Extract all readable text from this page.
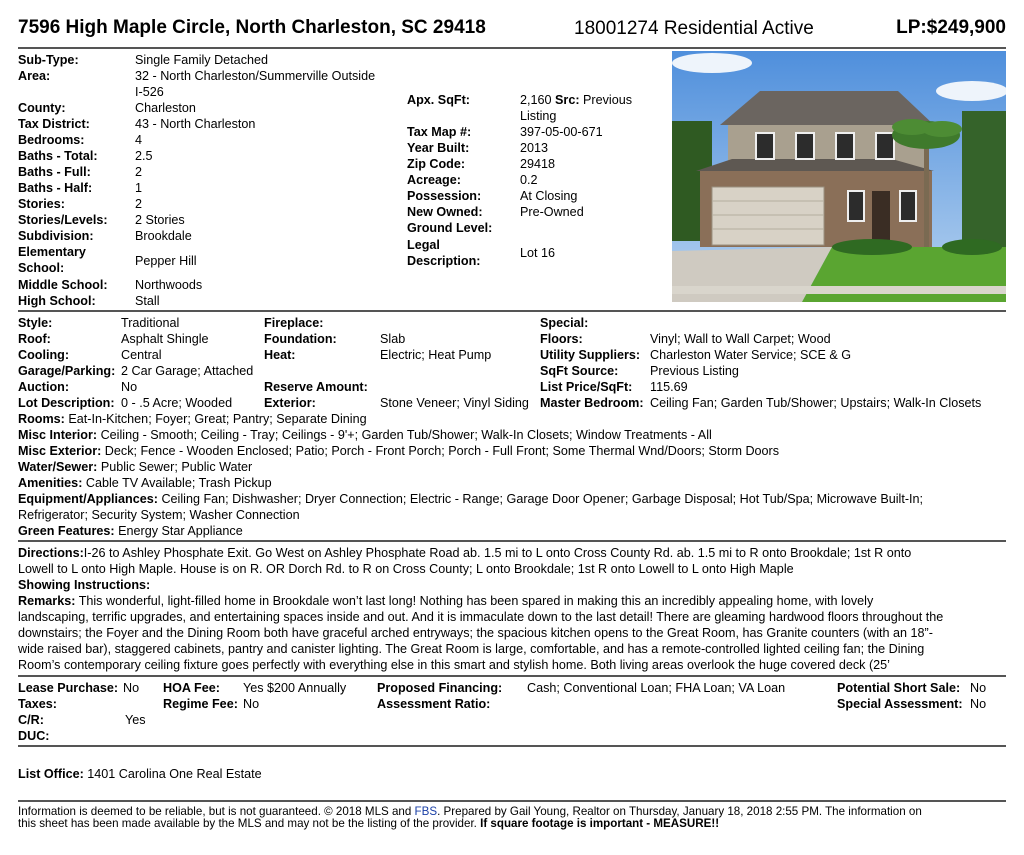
7596 High Maple Circle, North Charleston, SC 29418	18001274 Residential Active	LP:$249,900
Sub-Type:	Single Family Detached
Area:	32 - North Charleston/Summerville Outside
I-526
County:	Charleston
Tax District:	43 - North Charleston
Bedrooms:	4
Baths - Total:	2.5
Baths - Full:	2
Baths - Half:	1
Stories:	2
Stories/Levels: 2 Stories
Subdivision:	Brookdale
Elementary
School:	Pepper Hill
Middle School: Northwoods
High School:	Stall
Apx. SqFt:	2,160 Src: Previous
Listing
Tax Map #:	397-05-00-671
Year Built:	2013
Zip Code:	29418
Acreage:	0.2
Possession:	At Closing
New Owned:	Pre-Owned
Ground Level:
Legal
Description:
Lot 16
Style:	Traditional	Fireplace:	Special:
Roof:	Asphalt Shingle	Foundation:	Slab	Floors:	Vinyl; Wall to Wall Carpet; Wood
Cooling:	Central	Heat:	Electric; Heat Pump	Utility Suppliers: Charleston Water Service; SCE & G
Garage/Parking: 2 Car Garage; Attached	SqFt Source:	Previous Listing
Auction:	No	Reserve Amount:	List Price/SqFt: 115.69
Lot Description: 0 - .5 Acre; Wooded	Exterior:	Stone Veneer; Vinyl Siding Master Bedroom: Ceiling Fan; Garden Tub/Shower; Upstairs; Walk-In Closets
Rooms: Eat-In-Kitchen; Foyer; Great; Pantry; Separate Dining
Misc Interior: Ceiling - Smooth; Ceiling - Tray; Ceilings - 9'+; Garden Tub/Shower; Walk-In Closets; Window Treatments - All
Misc Exterior: Deck; Fence - Wooden Enclosed; Patio; Porch - Front Porch; Porch - Full Front; Some Thermal Wnd/Doors; Storm Doors
Water/Sewer: Public Sewer; Public Water
Amenities: Cable TV Available; Trash Pickup
Equipment/Appliances: Ceiling Fan; Dishwasher; Dryer Connection; Electric - Range; Garage Door Opener; Garbage Disposal; Hot Tub/Spa; Microwave Built-In;
Refrigerator; Security System; Washer Connection
Green Features: Energy Star Appliance
Directions:I-26 to Ashley Phosphate Exit. Go West on Ashley Phosphate Road ab. 1.5 mi to L onto Cross County Rd. ab. 1.5 mi to R onto Brookdale; 1st R onto
Lowell to L onto High Maple. House is on R. OR Dorch Rd. to R on Cross County; L onto Brookdale; 1st R onto Lowell to L onto High Maple
Showing Instructions:
Remarks: This wonderful, light-filled home in Brookdale won’t last long! Nothing has been spared in making this an incredibly appealing home, with lovely
landscaping, terrific upgrades, and entertaining spaces inside and out. And it is immaculate down to the last detail! There are gleaming hardwood floors throughout the
downstairs; the Foyer and the Dining Room both have graceful arched entryways; the spacious kitchen opens to the Great Room, has Granite counters (with an 18”-
wide raised bar), staggered cabinets, pantry and canister lighting. The Great Room is large, comfortable, and has a remote-controlled lighted ceiling fan; the Dining
Room’s contemporary ceiling fixture goes perfectly with everything else in this smart and stylish home. Both living areas overlook the huge covered deck (25’
Lease Purchase: No HOA Fee: Yes $200 Annually Proposed Financing: Cash; Conventional Loan; FHA Loan; VA Loan	Potential Short Sale: No
Taxes:	Regime Fee: No	Assessment Ratio:	Special Assessment: No
C/R:	Yes
DUC:
List Office: 1401 Carolina One Real Estate
Information is deemed to be reliable, but is not guaranteed. © 2018 MLS and FBS. Prepared by Gail Young, Realtor on Thursday, January 18, 2018 2:55 PM. The information on
this sheet has been made available by the MLS and may not be the listing of the provider. If square footage is important - MEASURE!!
